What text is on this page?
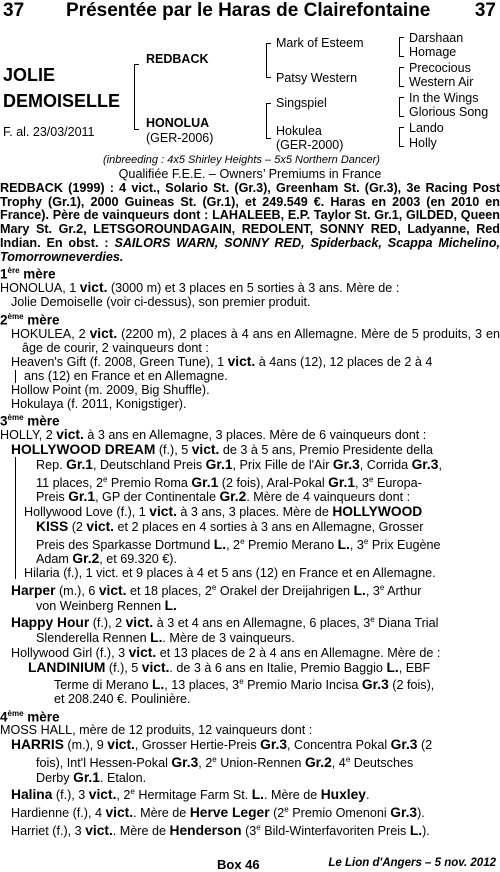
37 Présentée par le Haras de Clairefontaine 37
JOLIE
DEMOISELLE
F. al. 23/03/2011
REDBACK
HONOLUA
(GER-2006)
Mark of Esteem
Patsy Western
Singspiel
Hokulea
(GER-2000)
Darshaan
Homage
Precocious
Western Air
In the Wings
Glorious Song
Lando
Holly
(inbreeding : 4x5 Shirley Heights – 5x5 Northern Dancer)
Qualifiée F.E.E. – Owners’ Premiums in France

REDBACK (1999) : 4 vict., Solario St. (Gr.3), Greenham St. (Gr.3), 3e Racing Post Trophy (Gr.1), 2000 Guineas St. (Gr.1), et 249.549 €. Haras en 2003 (en 2010 en France). Père de vainqueurs dont : LAHALEEB, E.P. Taylor St. Gr.1, GILDED, Queen Mary St. Gr.2, LETSGOROUNDAGAIN, REDOLENT, SONNY RED, Ladyanne, Red Indian. En obst. : SAILORS WARN, SONNY RED, Spiderback, Scappa Michelino, Tomorrowneverdies.

1ère mère

HONOLUA, 1 vict. (3000 m) et 3 places en 5 sorties à 3 ans. Mère de :

Jolie Demoiselle (voir ci-dessus), son premier produit.

2ème mère

HOKULEA, 2 vict. (2200 m), 2 places à 4 ans en Allemagne. Mère de 5 produits, 3 en âge de courir, 2 vainqueurs dont :

Heaven's Gift (f. 2008, Green Tune), 1 vict. à 4ans (12), 12 places de 2 à 4

ans (12) en France et en Allemagne.

Hollow Point (m. 2009, Big Shuffle).

Hokulaya (f. 2011, Konigstiger).

3ème mère

HOLLY, 2 vict. à 3 ans en Allemagne, 3 places. Mère de 6 vainqueurs dont :

HOLLYWOOD DREAM (f.), 5 vict. de 3 à 5 ans, Premio Presidente della
Rep. Gr.1, Deutschland Preis Gr.1, Prix Fille de l'Air Gr.3, Corrida Gr.3,
11 places, 2e Premio Roma Gr.1 (2 fois), Aral-Pokal Gr.1, 3e Europa-
Preis Gr.1, GP der Continentale Gr.2. Mère de 4 vainqueurs dont :

Hollywood Love (f.), 1 vict. à 3 ans, 3 places. Mère de HOLLYWOOD
KISS (2 vict. et 2 places en 4 sorties à 3 ans en Allemagne, Grosser
Preis des Sparkasse Dortmund L., 2e Premio Merano L., 3e Prix Eugène
Adam Gr.2, et 69.320 €).

Hilaria (f.), 1 vict. et 9 places à 4 et 5 ans (12) en France et en Allemagne.

Harper (m.), 6 vict. et 18 places, 2e Orakel der Dreijahrigen L., 3e Arthur
von Weinberg Rennen L.

Happy Hour (f.), 2 vict. à 3 et 4 ans en Allemagne, 6 places, 3e Diana Trial
Slenderella Rennen L.. Mère de 3 vainqueurs.

Hollywood Girl (f.), 3 vict. et 13 places de 2 à 4 ans en Allemagne. Mère de :

LANDINIUM (f.), 5 vict.. de 3 à 6 ans en Italie, Premio Baggio L., EBF
Terme di Merano L., 13 places, 3e Premio Mario Incisa Gr.3 (2 fois),
et 208.240 €. Poulinière.

4ème mère

MOSS HALL, mère de 12 produits, 12 vainqueurs dont :

HARRIS (m.), 9 vict., Grosser Hertie-Preis Gr.3, Concentra Pokal Gr.3 (2
fois), Int'l Hessen-Pokal Gr.3, 2e Union-Rennen Gr.2, 4e Deutsches
Derby Gr.1. Etalon.

Halina (f.), 3 vict., 2e Hermitage Farm St. L.. Mère de Huxley.

Hardienne (f.), 4 vict.. Mère de Herve Leger (2e Premio Omenoni Gr.3).

Harriet (f.), 3 vict.. Mère de Henderson (3e Bild-Winterfavoriten Preis L.).

Box 46	Le Lion d'Angers – 5 nov. 2012
